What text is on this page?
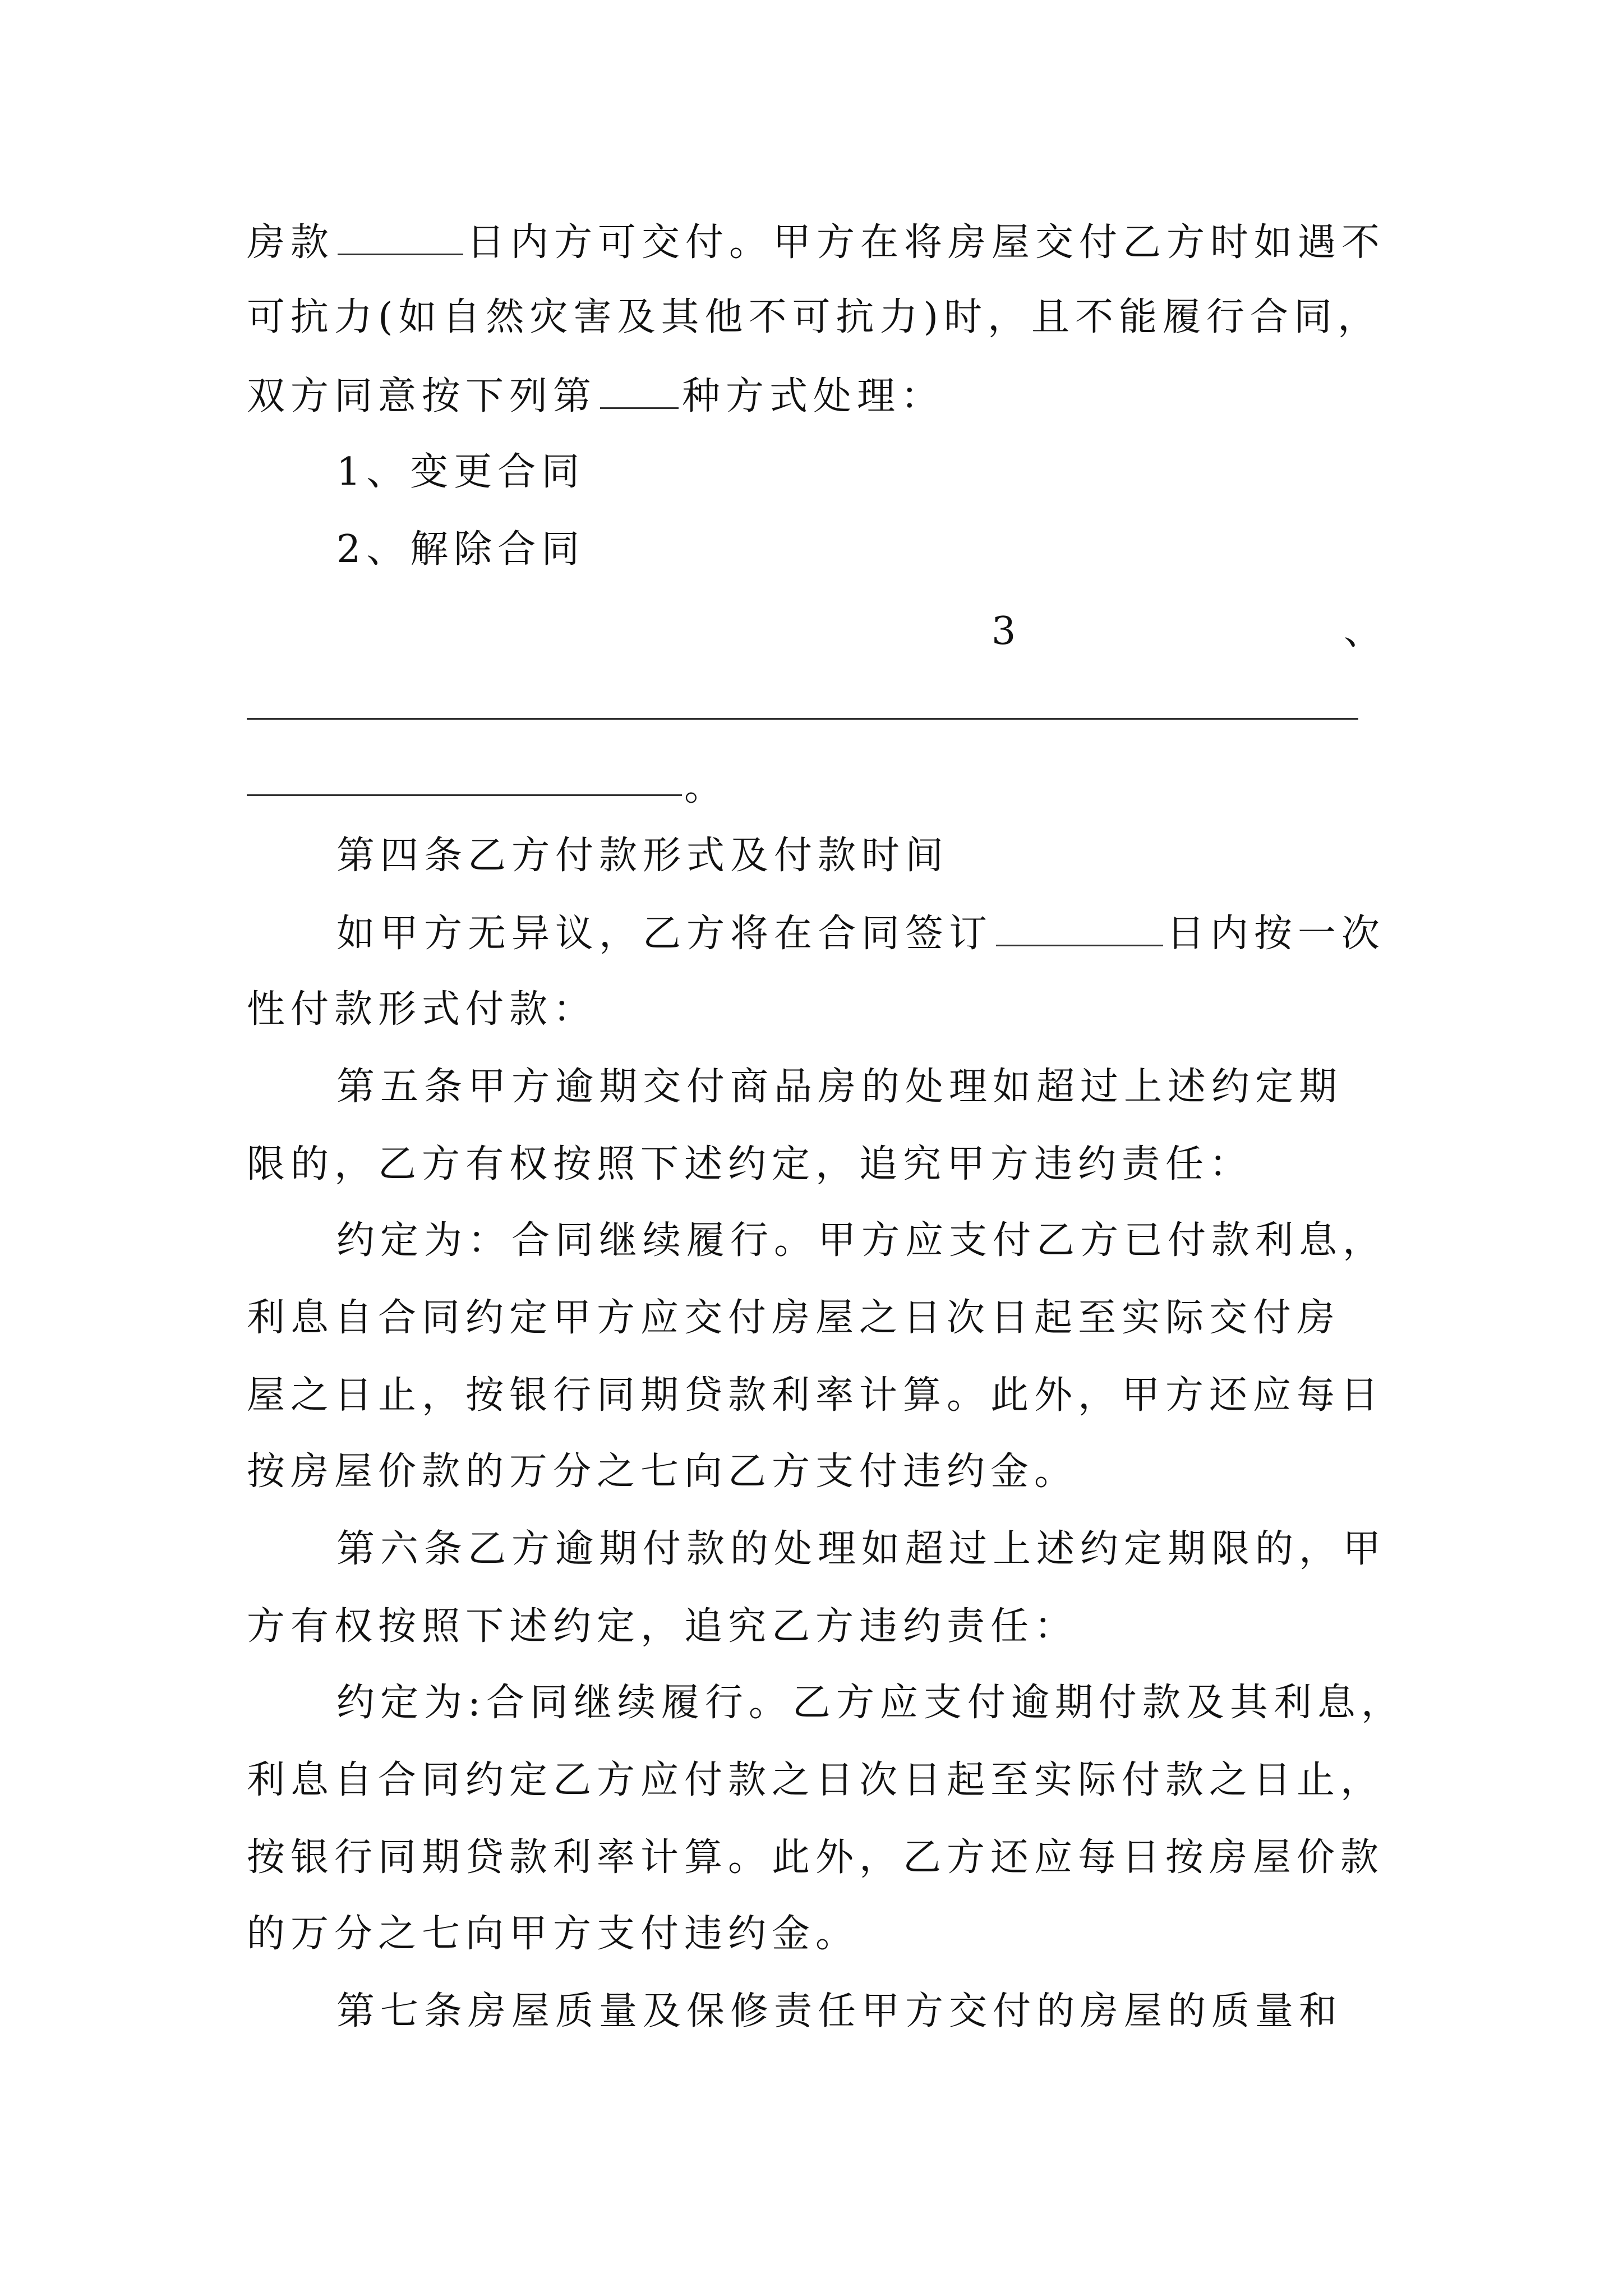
房款	日内方可交付。甲方在将房屋交付乙方时如遇不
可抗力(如自然灾害及其他不可抗力)时，且不能履行合同，
双方同意按下列第 种方式处理：
1、变更合同
2、解除合同
3	、
。
第四条乙方付款形式及付款时间
如甲方无异议，乙方将在合同签订	日内按一次
性付款形式付款：
第五条甲方逾期交付商品房的处理如超过上述约定期
限的，乙方有权按照下述约定，追究甲方违约责任：
约定为：合同继续履行。甲方应支付乙方已付款利息，
利息自合同约定甲方应交付房屋之日次日起至实际交付房
屋之日止，按银行同期贷款利率计算。此外，甲方还应每日
按房屋价款的万分之七向乙方支付违约金。
第六条乙方逾期付款的处理如超过上述约定期限的，甲
方有权按照下述约定，追究乙方违约责任：
约定为:合同继续履行。乙方应支付逾期付款及其利息，
利息自合同约定乙方应付款之日次日起至实际付款之日止，
按银行同期贷款利率计算。此外，乙方还应每日按房屋价款
的万分之七向甲方支付违约金。
第七条房屋质量及保修责任甲方交付的房屋的质量和
